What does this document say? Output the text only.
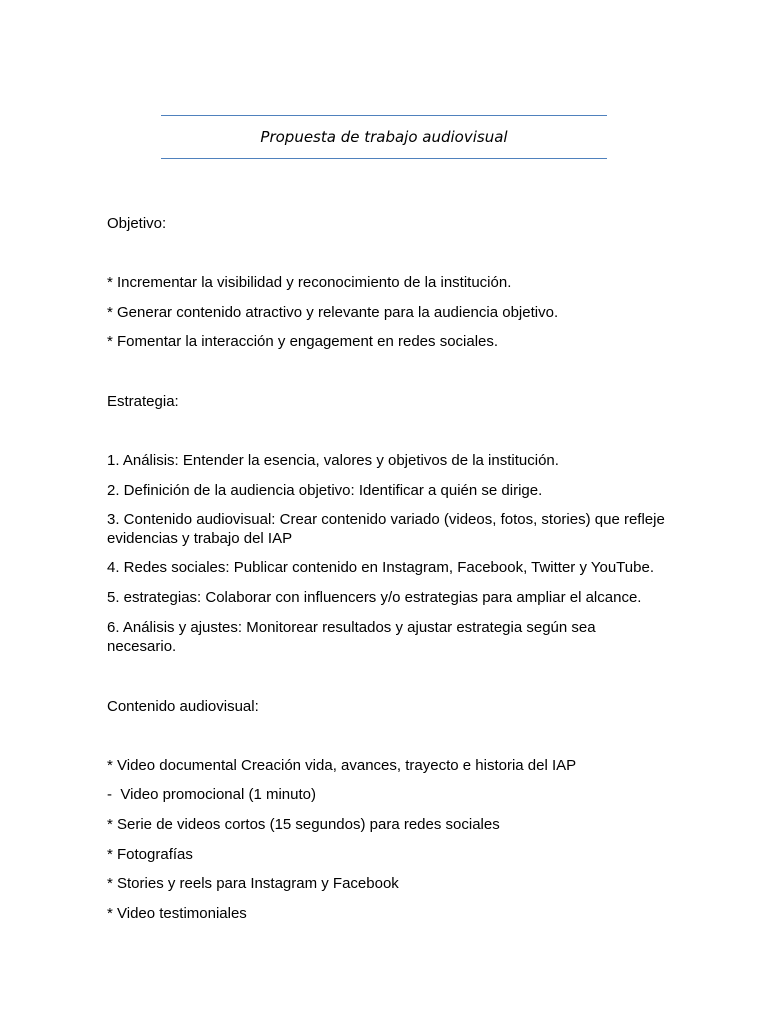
Propuesta de trabajo audiovisual
Objetivo:
* Incrementar la visibilidad y reconocimiento de la institución.
* Generar contenido atractivo y relevante para la audiencia objetivo.
* Fomentar la interacción y engagement en redes sociales.
Estrategia:
1. Análisis: Entender la esencia, valores y objetivos de la institución.
2. Definición de la audiencia objetivo: Identificar a quién se dirige.
3. Contenido audiovisual: Crear contenido variado (videos, fotos, stories) que refleje evidencias y trabajo del IAP
4. Redes sociales: Publicar contenido en Instagram, Facebook, Twitter y YouTube.
5. estrategias: Colaborar con influencers y/o estrategias para ampliar el alcance.
6. Análisis y ajustes: Monitorear resultados y ajustar estrategia según sea necesario.
Contenido audiovisual:
* Video documental Creación vida, avances, trayecto e historia del IAP
-  Video promocional (1 minuto)
* Serie de videos cortos (15 segundos) para redes sociales
* Fotografías
* Stories y reels para Instagram y Facebook
* Video testimoniales
